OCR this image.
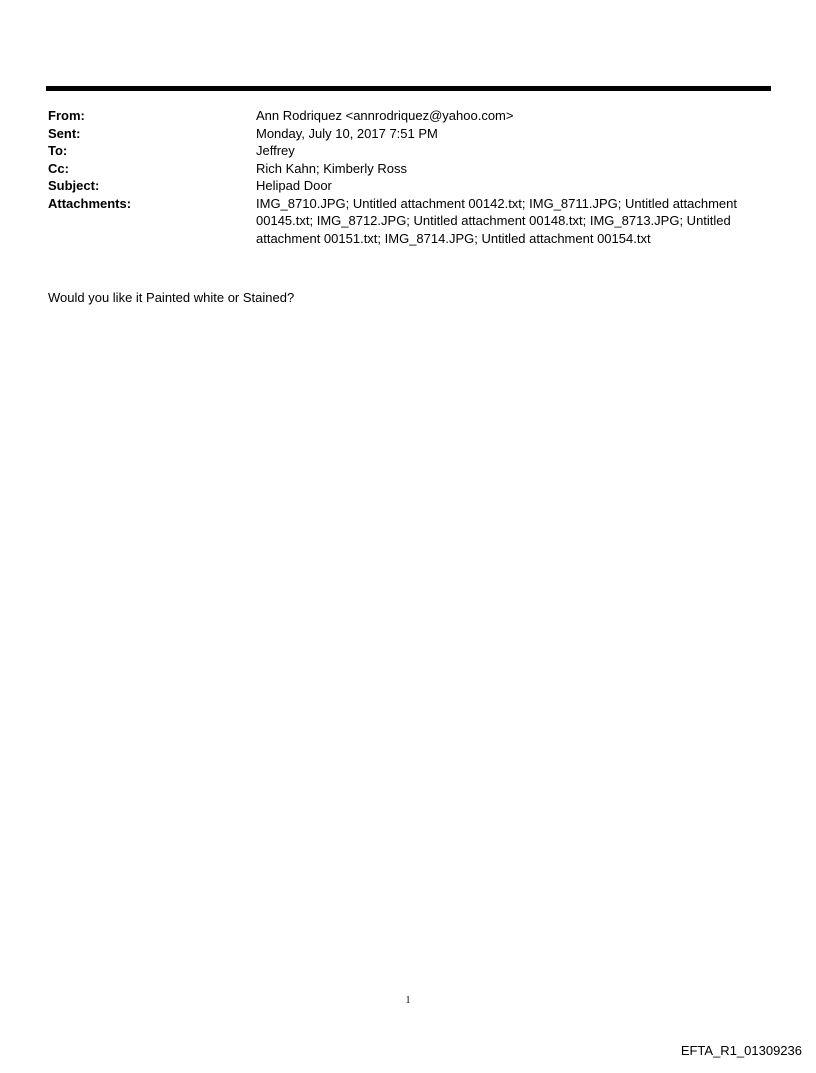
From:	Ann Rodriquez <annrodriquez@yahoo.com>
Sent:	Monday, July 10, 2017 7:51 PM
To:	Jeffrey
Cc:	Rich Kahn; Kimberly Ross
Subject:	Helipad Door
Attachments:	IMG_8710.JPG; Untitled attachment 00142.txt; IMG_8711.JPG; Untitled attachment 00145.txt; IMG_8712.JPG; Untitled attachment 00148.txt; IMG_8713.JPG; Untitled attachment 00151.txt; IMG_8714.JPG; Untitled attachment 00154.txt
Would you like it Painted white or Stained?
1
EFTA_R1_01309236
